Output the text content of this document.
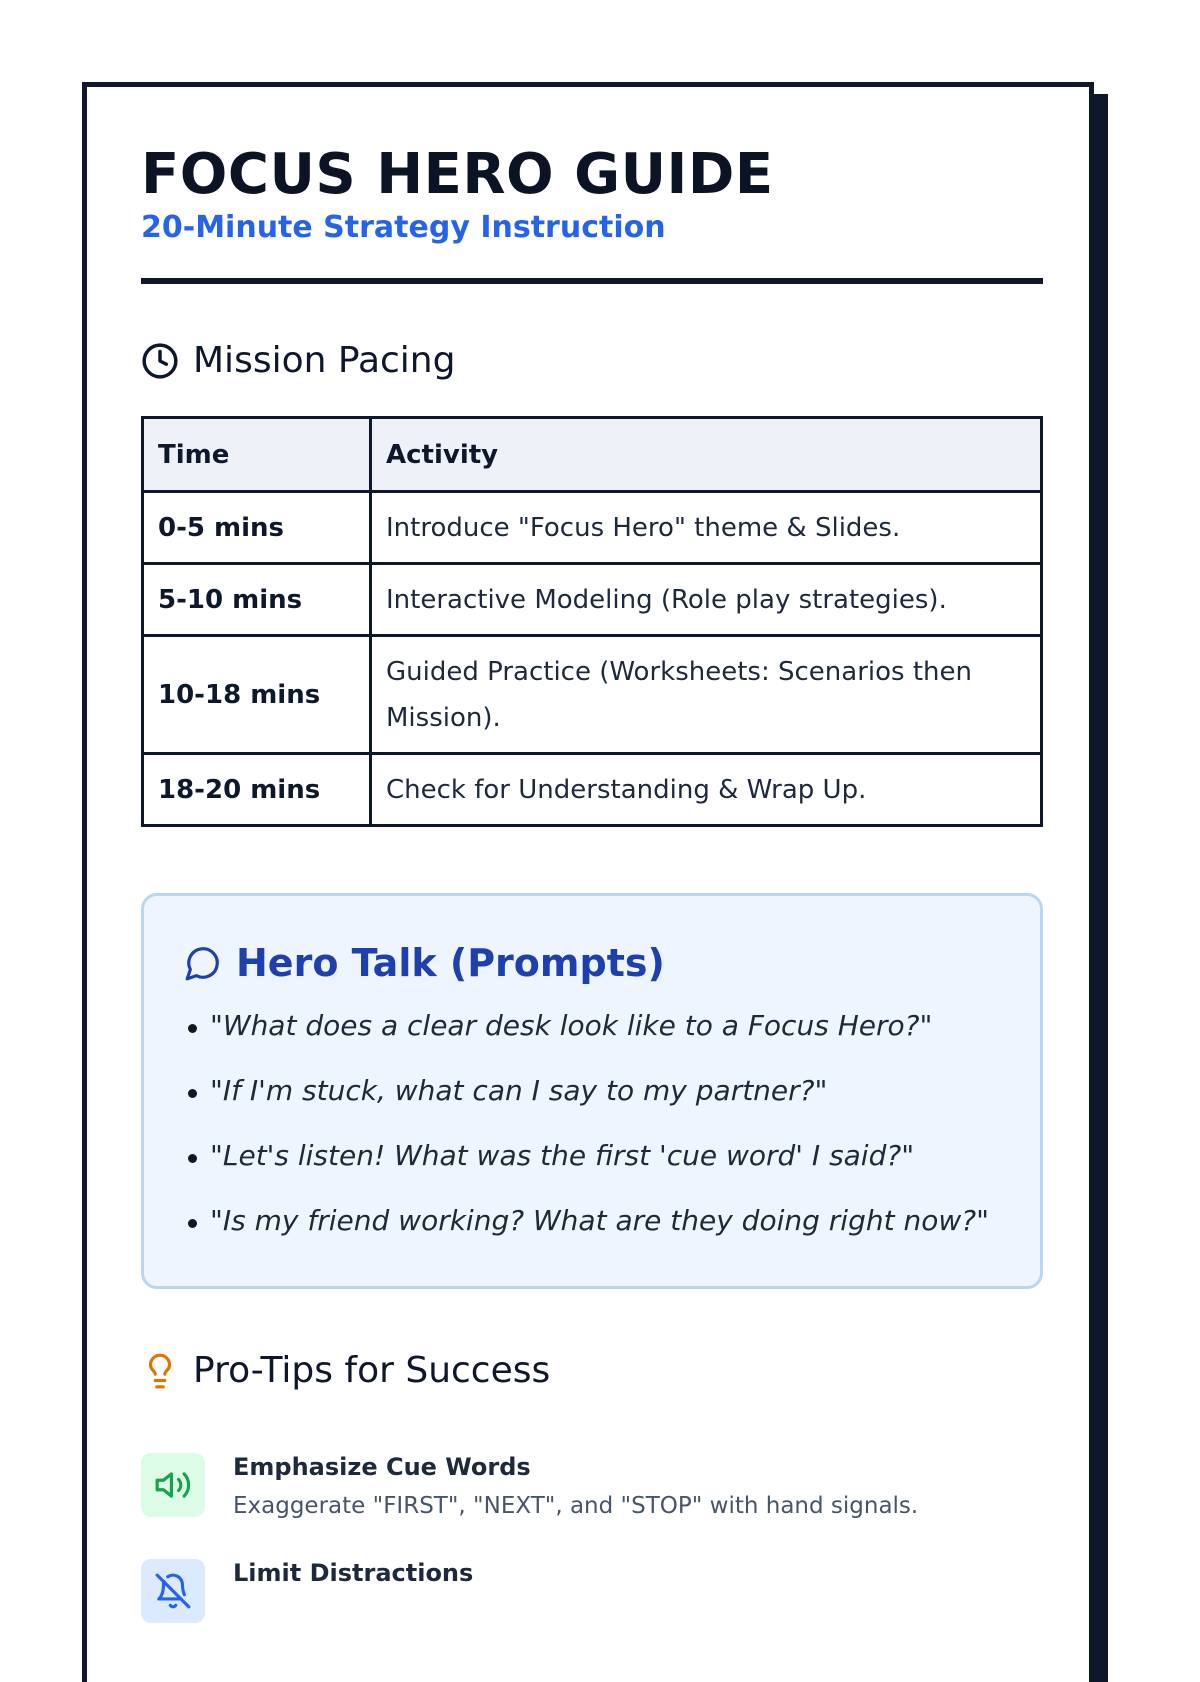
FOCUS HERO GUIDE
20-Minute Strategy Instruction
Mission Pacing
Time	Activity
0-5 mins	Introduce "Focus Hero" theme & Slides.
5-10 mins	Interactive Modeling (Role play strategies).
10-18 mins	Guided Practice (Worksheets: Scenarios then Mission).
18-20 mins	Check for Understanding & Wrap Up.
Hero Talk (Prompts)
"What does a clear desk look like to a Focus Hero?"
"If I'm stuck, what can I say to my partner?"
"Let's listen! What was the first 'cue word' I said?"
"Is my friend working? What are they doing right now?"
Pro-Tips for Success
Emphasize Cue Words
Exaggerate "FIRST", "NEXT", and "STOP" with hand signals.
Limit Distractions
